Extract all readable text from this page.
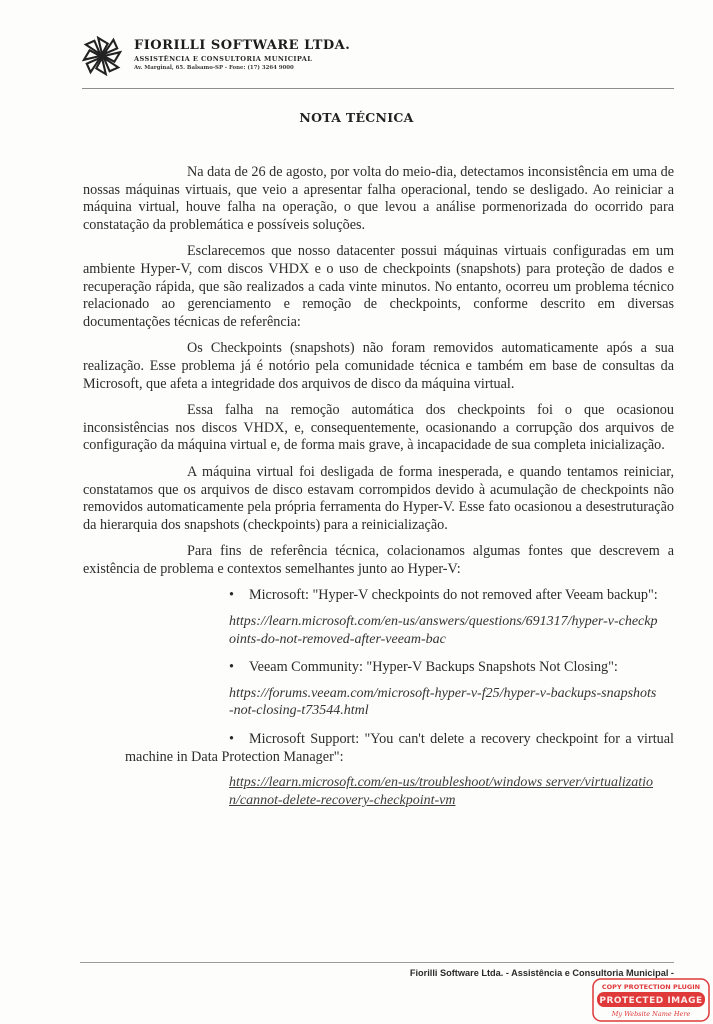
FIORILLI SOFTWARE LTDA.
ASSISTÊNCIA E CONSULTORIA MUNICIPAL
Av. Marginal, 65. Balsamo-SP - Fone: (17) 3264 9000
NOTA TÉCNICA

Na data de 26 de agosto, por volta do meio-dia, detectamos inconsistência em uma de nossas máquinas virtuais, que veio a apresentar falha operacional, tendo se desligado. Ao reiniciar a máquina virtual, houve falha na operação, o que levou a análise pormenorizada do ocorrido para constatação da problemática e possíveis soluções.

Esclarecemos que nosso datacenter possui máquinas virtuais configuradas em um ambiente Hyper-V, com discos VHDX e o uso de checkpoints (snapshots) para proteção de dados e recuperação rápida, que são realizados a cada vinte minutos. No entanto, ocorreu um problema técnico relacionado ao gerenciamento e remoção de checkpoints, conforme descrito em diversas documentações técnicas de referência:

Os Checkpoints (snapshots) não foram removidos automaticamente após a sua realização. Esse problema já é notório pela comunidade técnica e também em base de consultas da Microsoft, que afeta a integridade dos arquivos de disco da máquina virtual.

Essa falha na remoção automática dos checkpoints foi o que ocasionou inconsistências nos discos VHDX, e, consequentemente, ocasionando a corrupção dos arquivos de configuração da máquina virtual e, de forma mais grave, à incapacidade de sua completa inicialização.

A máquina virtual foi desligada de forma inesperada, e quando tentamos reiniciar, constatamos que os arquivos de disco estavam corrompidos devido à acumulação de checkpoints não removidos automaticamente pela própria ferramenta do Hyper-V. Esse fato ocasionou a desestruturação da hierarquia dos snapshots (checkpoints) para a reinicialização.

Para fins de referência técnica, colacionamos algumas fontes que descrevem a existência de problema e contextos semelhantes junto ao Hyper-V:

• Microsoft: "Hyper-V checkpoints do not removed after Veeam backup":
https://learn.microsoft.com/en-us/answers/questions/691317/hyper-v-checkpoints-do-not-removed-after-veeam-bac
• Veeam Community: "Hyper-V Backups Snapshots Not Closing":
https://forums.veeam.com/microsoft-hyper-v-f25/hyper-v-backups-snapshots-not-closing-t73544.html
• Microsoft Support: "You can't delete a recovery checkpoint for a virtual machine in Data Protection Manager":
https://learn.microsoft.com/en-us/troubleshoot/windows server/virtualization/cannot-delete-recovery-checkpoint-vm
Fiorilli Software Ltda. - Assistência e Consultoria Municipal -
COPY PROTECTION PLUGIN
PROTECTED IMAGE
My Website Name Here
